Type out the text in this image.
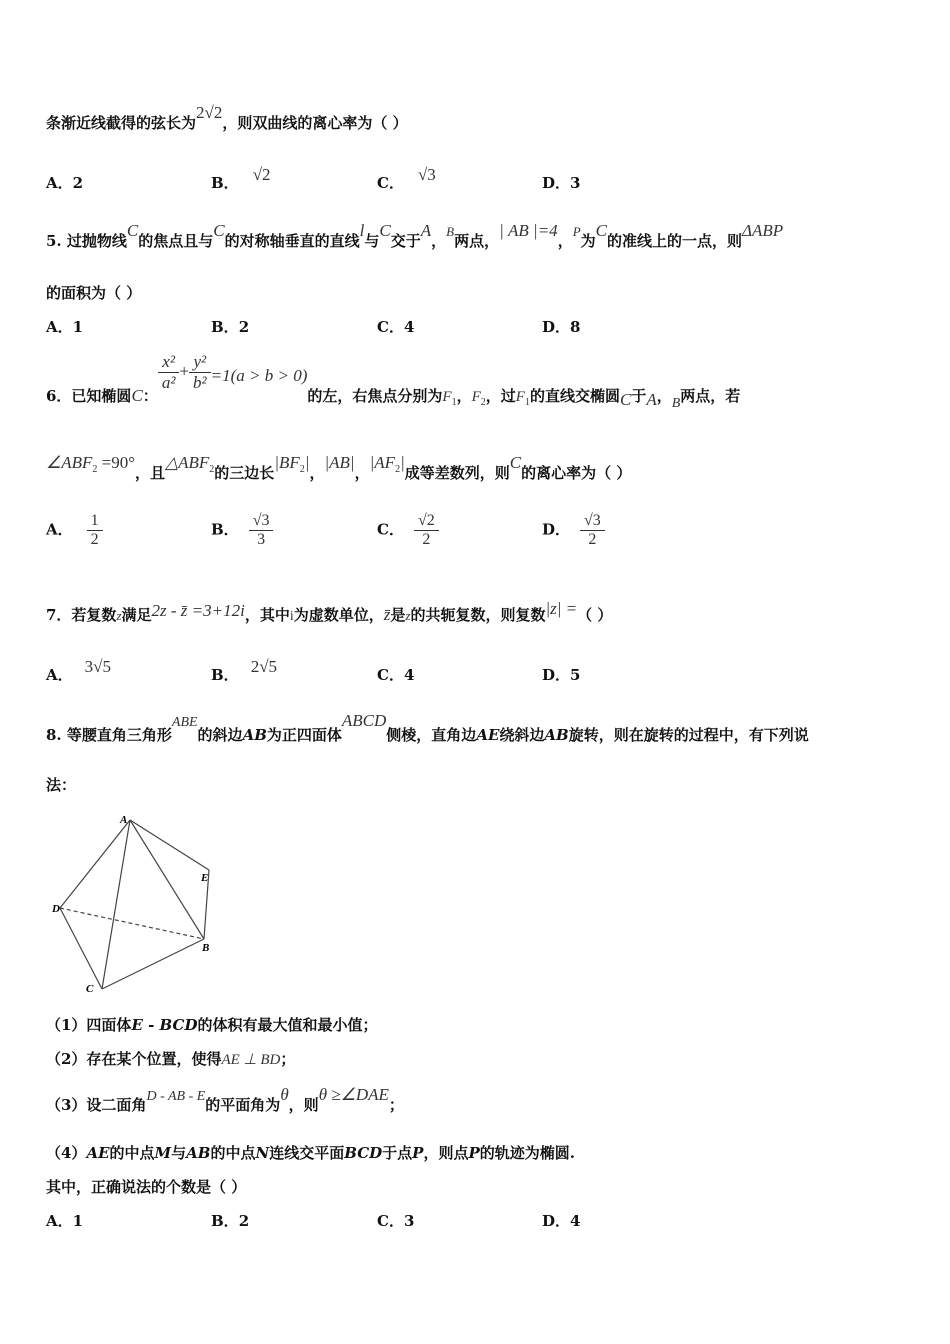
条渐近线截得的弦长为2√2，则双曲线的离心率为（ ）
A．2	B． √2	C． √3	D．3
5. 过抛物线C的焦点且与C的对称轴垂直的直线l与C交于A，B两点，| AB |=4，P为C的准线上的一点，则ΔABP
的面积为（ ）
A．1	B．2	C．4	D．8
6．已知椭圆C：
$\frac{\text{x²}}{\text{a²}} + \frac{\text{y²}}{\text{b²}} =1(a > b > 0)$的左，右焦点分别为$F_1$，$F_2$，过$F_1$的直线交椭圆C于A，B两点，若
$\angle ABF^2 =90^\circ$，且△ABF$^2$的三边长$|BF^2|$，|AB|，$|AF^2|$成等差数列，则C的离心率为（ ）
A． $\frac{1}{2}$	B． $\frac{√3}{3}$	C． $\frac{√2}{2}$	D． $\frac{√3}{2}$
7．若复数z满足2z - z̄ =3+12i，其中i为虚数单位，z̄是z的共轭复数，则复数|z| =（ ）
A． 3√5	B． 2√5	C．4	D．5
8. 等腰直角三角形ABE的斜边AB为正四面体ABCD侧棱，直角边AE绕斜边AB旋转，则在旋转的过程中，有下列说
法：
A
E
D
B
C
（1）四面体E - BCD的体积有最大值和最小值；
（2）存在某个位置，使得AE ⊥ BD；
（3）设二面角D - AB - E的平面角为θ，则θ ≥∠DAE；
（4）AE的中点M与AB的中点N连线交平面BCD于点P，则点P的轨迹为椭圆.
其中，正确说法的个数是（ ）
A．1	B．2	C．3	D．4
